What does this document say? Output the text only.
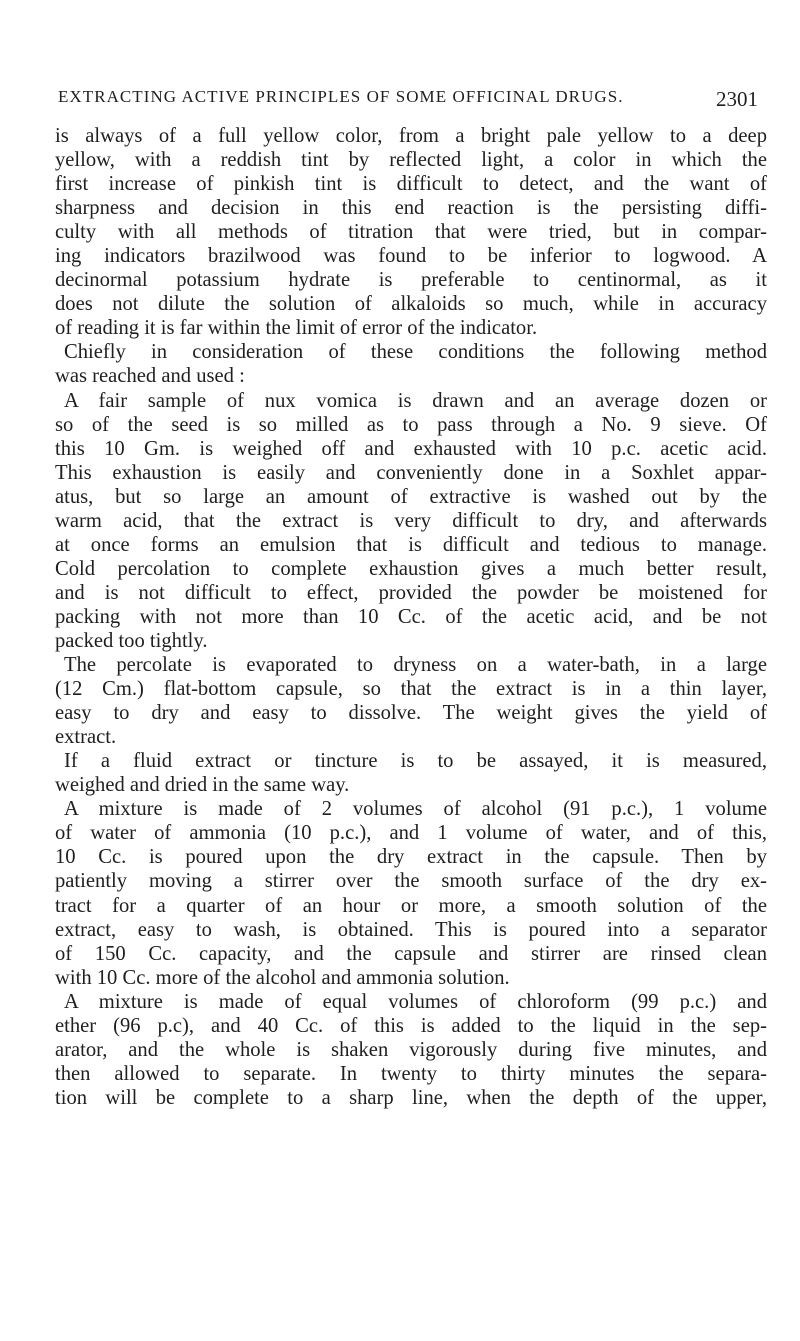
EXTRACTING ACTIVE PRINCIPLES OF SOME OFFICINAL DRUGS.	2301
is always of a full yellow color, from a bright pale yellow to a deep
yellow, with a reddish tint by reflected light, a color in which the
first increase of pinkish tint is difficult to detect, and the want of
sharpness and decision in this end reaction is the persisting diffi-
culty with all methods of titration that were tried, but in compar-
ing indicators brazilwood was found to be inferior to logwood. A
decinormal potassium hydrate is preferable to centinormal, as it
does not dilute the solution of alkaloids so much, while in accuracy
of reading it is far within the limit of error of the indicator.
Chiefly in consideration of these conditions the following method
was reached and used :
A fair sample of nux vomica is drawn and an average dozen or
so of the seed is so milled as to pass through a No. 9 sieve. Of
this 10 Gm. is weighed off and exhausted with 10 p.c. acetic acid.
This exhaustion is easily and conveniently done in a Soxhlet appar-
atus, but so large an amount of extractive is washed out by the
warm acid, that the extract is very difficult to dry, and afterwards
at once forms an emulsion that is difficult and tedious to manage.
Cold percolation to complete exhaustion gives a much better result,
and is not difficult to effect, provided the powder be moistened for
packing with not more than 10 Cc. of the acetic acid, and be not
packed too tightly.
The percolate is evaporated to dryness on a water-bath, in a large
(12 Cm.) flat-bottom capsule, so that the extract is in a thin layer,
easy to dry and easy to dissolve. The weight gives the yield of
extract.
If a fluid extract or tincture is to be assayed, it is measured,
weighed and dried in the same way.
A mixture is made of 2 volumes of alcohol (91 p.c.), 1 volume
of water of ammonia (10 p.c.), and 1 volume of water, and of this,
10 Cc. is poured upon the dry extract in the capsule. Then by
patiently moving a stirrer over the smooth surface of the dry ex-
tract for a quarter of an hour or more, a smooth solution of the
extract, easy to wash, is obtained. This is poured into a separator
of 150 Cc. capacity, and the capsule and stirrer are rinsed clean
with 10 Cc. more of the alcohol and ammonia solution.
A mixture is made of equal volumes of chloroform (99 p.c.) and
ether (96 p.c), and 40 Cc. of this is added to the liquid in the sep-
arator, and the whole is shaken vigorously during five minutes, and
then allowed to separate. In twenty to thirty minutes the separa-
tion will be complete to a sharp line, when the depth of the upper,
